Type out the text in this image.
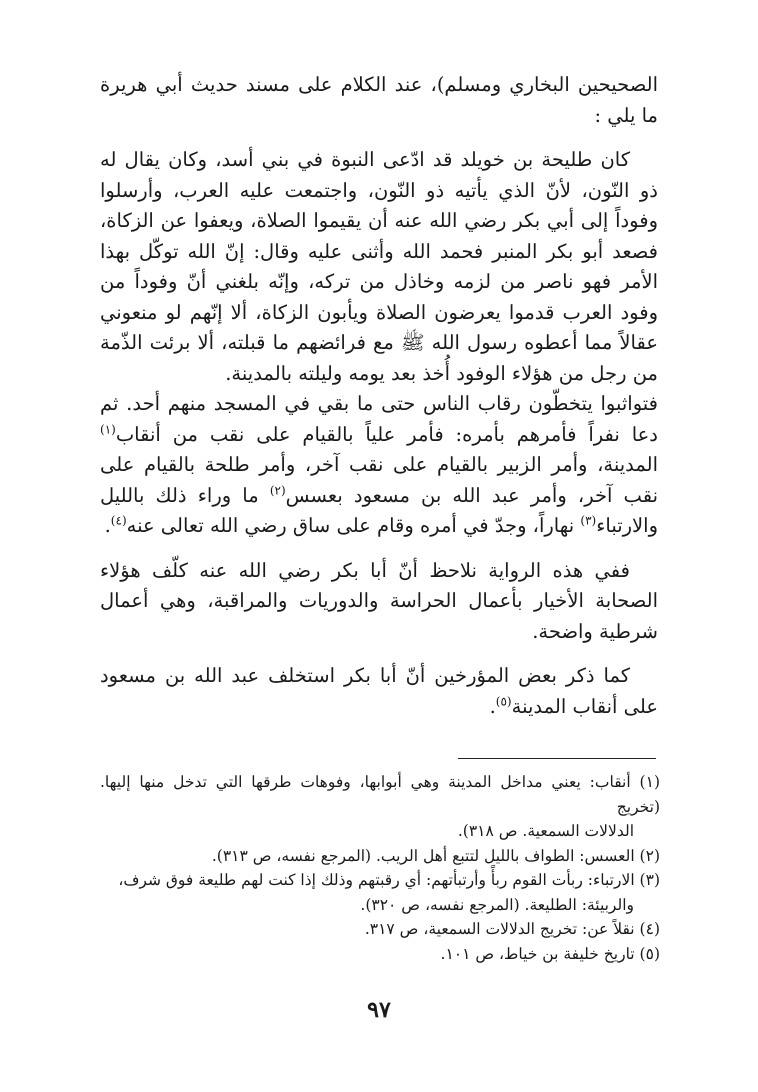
الصحيحين البخاري ومسلم)، عند الكلام على مسند حديث أبي هريرة ما يلي :

كان طليحة بن خويلد قد ادّعى النبوة في بني أسد، وكان يقال له ذو النّون، لأنّ الذي يأتيه ذو النّون، واجتمعت عليه العرب، وأرسلوا وفوداً إلى أبي بكر رضي الله عنه أن يقيموا الصلاة، ويعفوا عن الزكاة، فصعد أبو بكر المنبر فحمد الله وأثنى عليه وقال: إنّ الله توكّل بهذا الأمر فهو ناصر من لزمه وخاذل من تركه، وإنّه بلغني أنّ وفوداً من وفود العرب قدموا يعرضون الصلاة ويأبون الزكاة، ألا إنّهم لو منعوني عقالاً مما أعطوه رسول الله ﷺ مع فرائضهم ما قبلته، ألا برئت الذّمة من رجل من هؤلاء الوفود أُخذ بعد يومه وليلته بالمدينة.

فتواثبوا يتخطّون رقاب الناس حتى ما بقي في المسجد منهم أحد. ثم دعا نفراً فأمرهم بأمره: فأمر علياً بالقيام على نقب من أنقاب$^{(١)}$ المدينة، وأمر الزبير بالقيام على نقب آخر، وأمر طلحة بالقيام على نقب آخر، وأمر عبد الله بن مسعود بعسس$^{(٢)}$ ما وراء ذلك بالليل والارتباء$^{(٣)}$ نهاراً، وجدّ في أمره وقام على ساق رضي الله تعالى عنه$^{(٤)}$.

ففي هذه الرواية نلاحظ أنّ أبا بكر رضي الله عنه كلّف هؤلاء الصحابة الأخيار بأعمال الحراسة والدوريات والمراقبة، وهي أعمال شرطية واضحة.

كما ذكر بعض المؤرخين أنّ أبا بكر استخلف عبد الله بن مسعود على أنقاب المدينة$^{(٥)}$.

(١) أنقاب: يعني مداخل المدينة وهي أبوابها، وفوهات طرقها التي تدخل منها إليها. (تخريج

الدلالات السمعية. ص ٣١٨).

(٢) العسس: الطواف بالليل لتتبع أهل الريب. (المرجع نفسه، ص ٣١٣).

(٣) الارتباء: ربأت القوم ربأً وأرتبأتهم: أي رقبتهم وذلك إذا كنت لهم طليعة فوق شرف،

والربيئة: الطليعة. (المرجع نفسه، ص ٣٢٠).

(٤) نقلاً عن: تخريج الدلالات السمعية، ص ٣١٧.

(٥) تاريخ خليفة بن خياط، ص ١٠١.

٩٧
